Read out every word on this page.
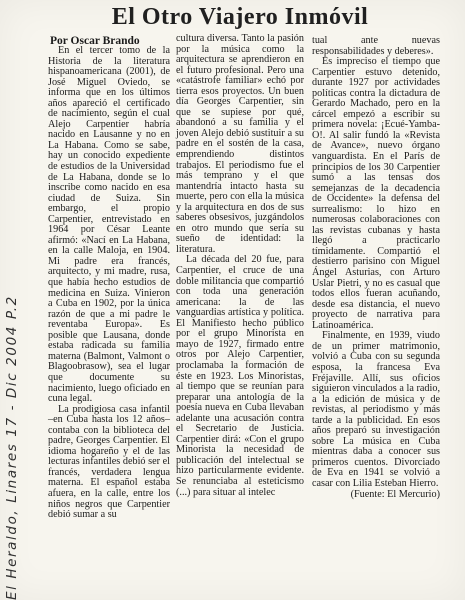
El Otro Viajero Inmóvil
Por Oscar Brando

En el tercer tomo de la Historia de la literatura hispanoamericana (2001), de José Miguel Oviedo, se informa que en los últimos años apareció el certificado de nacimiento, según el cual Alejo Carpentier habría nacido en Lausanne y no en La Habana. Como se sabe, hay un conocido expediente de estudios de la Universidad de La Habana, donde se lo inscribe como nacido en esa ciudad de Suiza. Sin embargo, el propio Carpentier, entrevistado en 1964 por César Leante afirmó: «Nací en La Habana, en la calle Maloja, en 1904. Mi padre era francés, arquitecto, y mi madre, rusa, que había hecho estudios de medicina en Suiza. Vinieron a Cuba en 1902, por la única razón de que a mi padre le reventaba Europa». Es posible que Lausana, donde estaba radicada su familia materna (Balmont, Valmont o Blagoobrasow), sea el lugar que documente su nacimiento, luego oficiado en cuna legal.

La prodigiosa casa infantil –en Cuba hasta los 12 años– contaba con la biblioteca del padre, Georges Carpentier. El idioma hogareño y el de las lecturas infantiles debió ser el francés, verdadera lengua materna. El español estaba afuera, en la calle, entre los niños negros que Carpentier debió sumar a su

cultura diversa. Tanto la pasión por la música como la arquitectura se aprendieron en el futuro profesional. Pero una «catástrofe familiar» echó por tierra esos proyectos. Un buen día Georges Carpentier, sin que se supiese por qué, abandonó a su familia y el joven Alejo debió sustituir a su padre en el sostén de la casa, emprendiendo distintos trabajos. El periodismo fue el más temprano y el que mantendría intacto hasta su muerte, pero con ella la música y la arquitectura en dos de sus saberes obsesivos, juzgándolos en otro mundo que sería su sueño de identidad: la literatura.

La década del 20 fue, para Carpentier, el cruce de una doble militancia que compartió con toda una generación americana: la de las vanguardias artística y política. El Manifiesto hecho público por el grupo Minorista en mayo de 1927, firmado entre otros por Alejo Carpentier, proclamaba la formación de éste en 1923. Los Minoristas, al tiempo que se reunían para preparar una antología de la poesía nueva en Cuba llevaban adelante una acusación contra el Secretario de Justicia. Carpentier dirá: «Con el grupo Minorista la necesidad de publicación del intelectual se hizo particularmente evidente. Se renunciaba al esteticismo (...) para situar al intelec

tual ante nuevas responsabilidades y deberes».

Es impreciso el tiempo que Carpentier estuvo detenido, durante 1927 por actividades políticas contra la dictadura de Gerardo Machado, pero en la cárcel empezó a escribir su primera novela: ¡Ecué-Yamba-O!. Al salir fundó la «Revista de Avance», nuevo órgano vanguardista. En el París de principios de los 30 Carpentier sumó a las tensas dos semejanzas de la decadencia de Occidente» la defensa del surrealismo: lo hizo en numerosas colaboraciones con las revistas cubanas y hasta llegó a practicarlo tímidamente. Compartió el destierro parisino con Miguel Ángel Asturias, con Arturo Uslar Pietri, y no es casual que todos ellos fueran acuñando, desde esa distancia, el nuevo proyecto de narrativa para Latinoamérica.

Finalmente, en 1939, viudo de un primer matrimonio, volvió a Cuba con su segunda esposa, la francesa Eva Fréjaville. Allí, sus oficios siguieron vinculados a la radio, a la edición de música y de revistas, al periodismo y más tarde a la publicidad. En esos años preparó su investigación sobre La música en Cuba mientras daba a conocer sus primeros cuentos. Divorciado de Eva en 1941 se volvió a casar con Lilia Esteban Hierro.

(Fuente: El Mercurio)
El Heraldo, Linares 17 - Dic 2004 P.2
